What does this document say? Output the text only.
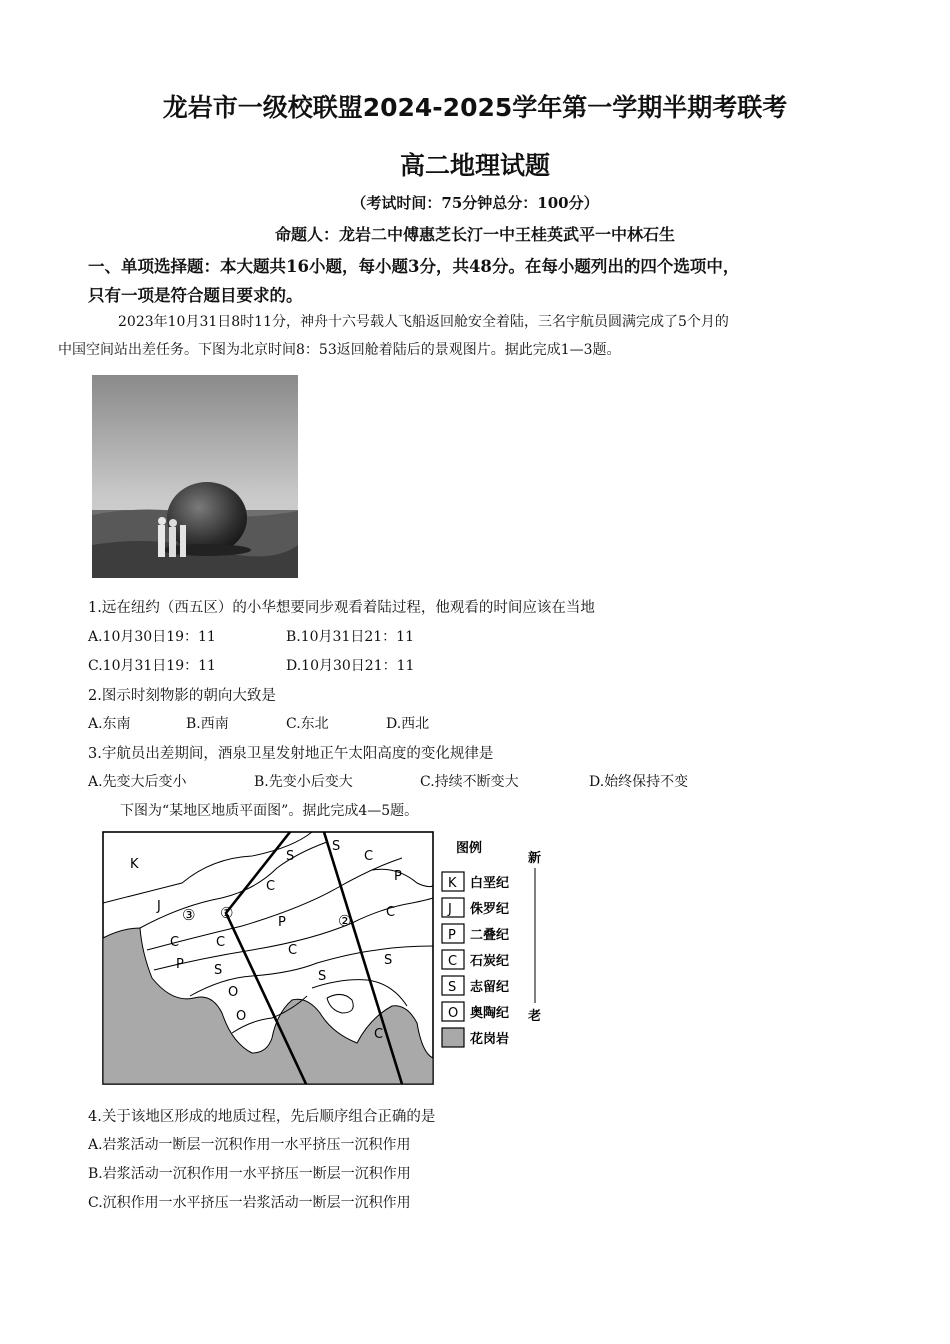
龙岩市一级校联盟2024-2025学年第一学期半期考联考
高二地理试题
（考试时间：75分钟总分：100分）
命题人：龙岩二中傅惠芝长汀一中王桂英武平一中林石生
一、单项选择题：本大题共16小题，每小题3分，共48分。在每小题列出的四个选项中，
只有一项是符合题目要求的。
2023年10月31日8时11分，神舟十六号载人飞船返回舱安全着陆，三名宇航员圆满完成了5个月的
中国空间站出差任务。下图为北京时间8：53返回舱着陆后的景观图片。据此完成1—3题。
1.远在纽约（西五区）的小华想要同步观看着陆过程，他观看的时间应该在当地
A.10月30日19：11	B.10月31日21：11
C.10月31日19：11	D.10月30日21：11
2.图示时刻物影的朝向大致是
A.东南	B.西南	C.东北	D.西北
3.宇航员出差期间，酒泉卫星发射地正午太阳高度的变化规律是
A.先变大后变小	B.先变小后变大	C.持续不断变大	D.始终保持不变
下图为“某地区地质平面图”。据此完成4—5题。
K
J
S
S
C
P
C
C
P
C
P
C
C
S
S
S
O
O
C
③ ①	②
图例
K 白垩纪
J 侏罗纪
P 二叠纪
C 石炭纪
S 志留纪
O 奥陶纪
花岗岩
新
老
4.关于该地区形成的地质过程，先后顺序组合正确的是
A.岩浆活动一断层一沉积作用一水平挤压一沉积作用
B.岩浆活动一沉积作用一水平挤压一断层一沉积作用
C.沉积作用一水平挤压一岩浆活动一断层一沉积作用
